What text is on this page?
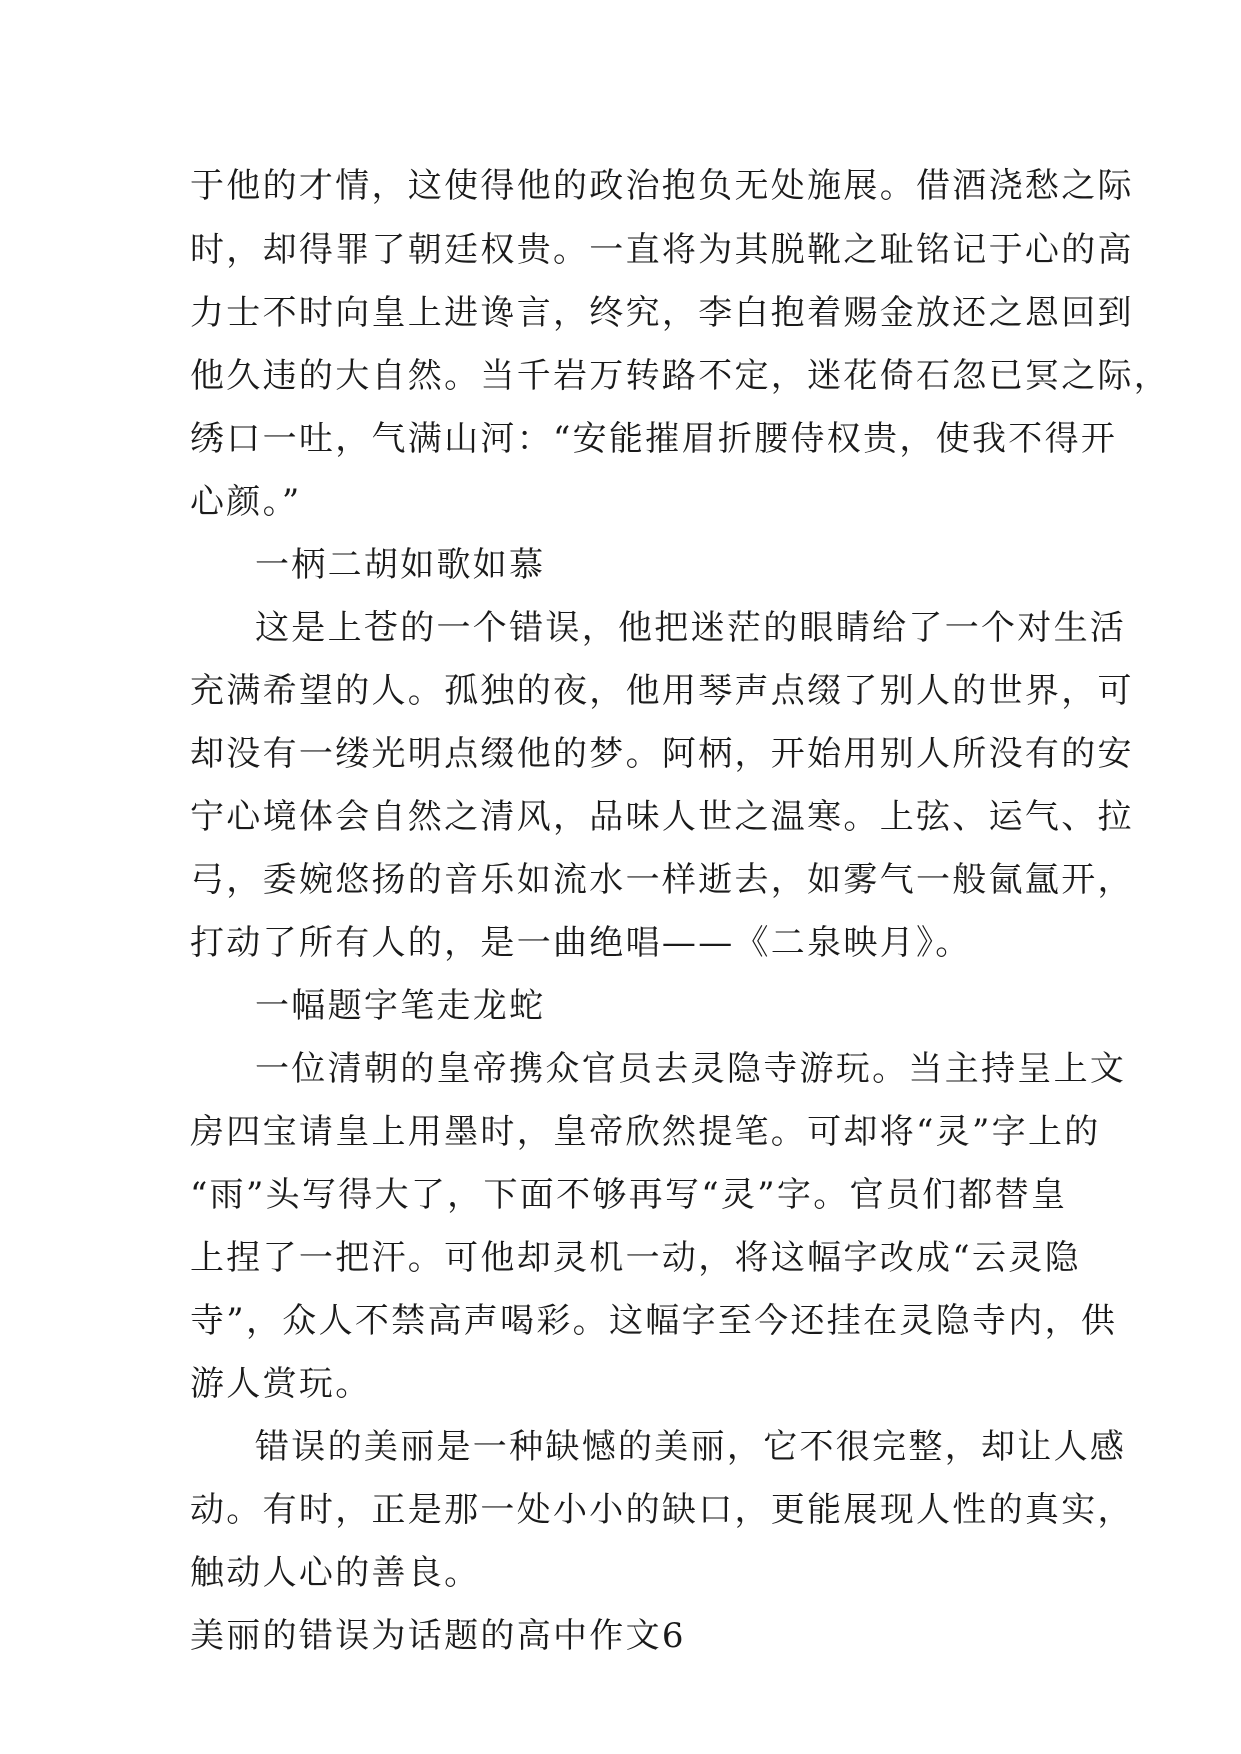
于他的才情，这使得他的政治抱负无处施展。借酒浇愁之际
时，却得罪了朝廷权贵。一直将为其脱靴之耻铭记于心的高
力士不时向皇上进谗言，终究，李白抱着赐金放还之恩回到
他久违的大自然。当千岩万转路不定，迷花倚石忽已冥之际，
绣口一吐，气满山河：“安能摧眉折腰侍权贵，使我不得开
心颜。”
一柄二胡如歌如慕
这是上苍的一个错误，他把迷茫的眼睛给了一个对生活
充满希望的人。孤独的夜，他用琴声点缀了别人的世界，可
却没有一缕光明点缀他的梦。阿柄，开始用别人所没有的安
宁心境体会自然之清风，品味人世之温寒。上弦、运气、拉
弓，委婉悠扬的音乐如流水一样逝去，如雾气一般氤氲开，
打动了所有人的，是一曲绝唱——《二泉映月》。
一幅题字笔走龙蛇
一位清朝的皇帝携众官员去灵隐寺游玩。当主持呈上文
房四宝请皇上用墨时，皇帝欣然提笔。可却将“灵”字上的
“雨”头写得大了，下面不够再写“灵”字。官员们都替皇
上捏了一把汗。可他却灵机一动，将这幅字改成“云灵隐
寺”，众人不禁高声喝彩。这幅字至今还挂在灵隐寺内，供
游人赏玩。
错误的美丽是一种缺憾的美丽，它不很完整，却让人感
动。有时，正是那一处小小的缺口，更能展现人性的真实，
触动人心的善良。
美丽的错误为话题的高中作文6
